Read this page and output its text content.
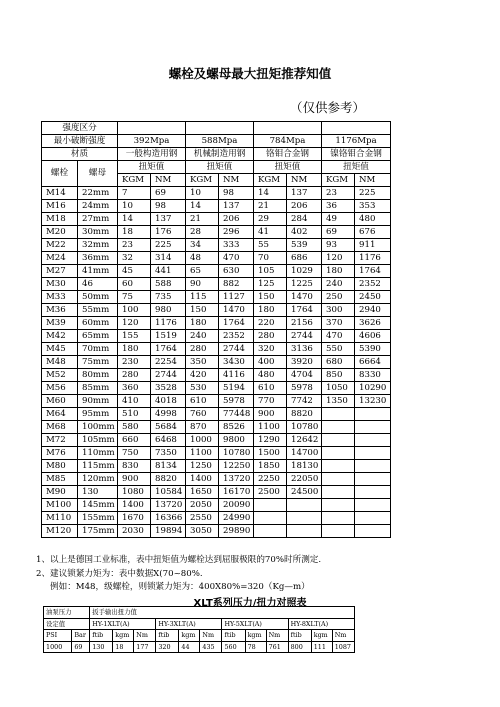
螺栓及螺母最大扭矩推荐知值
（仅供参考）
强度区分									
最小破断强度		392Mpa		588Mpa		784Mpa		1176Mpa	
材质		一般构造用钢		机械制造用钢		铬钼合金钢		镍铬钼合金钢	
螺栓	螺母	扭矩值		扭矩值		扭矩值		扭矩值	
		KGM	NM	KGM	NM	KGM	NM	KGM	NM
M14	22mm	7	69	10	98	14	137	23	225
M16	24mm	10	98	14	137	21	206	36	353
M18	27mm	14	137	21	206	29	284	49	480
M20	30mm	18	176	28	296	41	402	69	676
M22	32mm	23	225	34	333	55	539	93	911
M24	36mm	32	314	48	470	70	686	120	1176
M27	41mm	45	441	65	630	105	1029	180	1764
M30	46	60	588	90	882	125	1225	240	2352
M33	50mm	75	735	115	1127	150	1470	250	2450
M36	55mm	100	980	150	1470	180	1764	300	2940
M39	60mm	120	1176	180	1764	220	2156	370	3626
M42	65mm	155	1519	240	2352	280	2744	470	4606
M45	70mm	180	1764	280	2744	320	3136	550	5390
M48	75mm	230	2254	350	3430	400	3920	680	6664
M52	80mm	280	2744	420	4116	480	4704	850	8330
M56	85mm	360	3528	530	5194	610	5978	1050	10290
M60	90mm	410	4018	610	5978	770	7742	1350	13230
M64	95mm	510	4998	760	77448	900	8820		
M68	100mm	580	5684	870	8526	1100	10780		
M72	105mm	660	6468	1000	9800	1290	12642		
M76	110mm	750	7350	1100	10780	1500	14700		
M80	115mm	830	8134	1250	12250	1850	18130		
M85	120mm	900	8820	1400	13720	2250	22050		
M90	130	1080	10584	1650	16170	2500	24500		
M100	145mm	1400	13720	2050	20090				
M110	155mm	1670	16366	2550	24990				
M120	175mm	2030	19894	3050	29890				
1、以上是德国工业标准，表中扭矩值为螺栓达到屈服极限的70%时所测定.
2、建议锁紧力矩为：表中数据X(70~80%.
例如：M48，级螺栓，则锁紧力矩为：400X80%=320（Kg—m）
XLT系列压力/扭力对照表
油泵压力		扳手输出扭力值											
设定值		HY-1XLT(A)			HY-3XLT(A)			HY-5XLT(A)			HY-8XLT(A)		
PSI	Bar	ftib	kgm	Nm	ftib	kgm	Nm	ftib	kgm	Nm	ftib	kgm	Nm
1000	69	130	18	177	320	44	435	560	78	761	800	111	1087
